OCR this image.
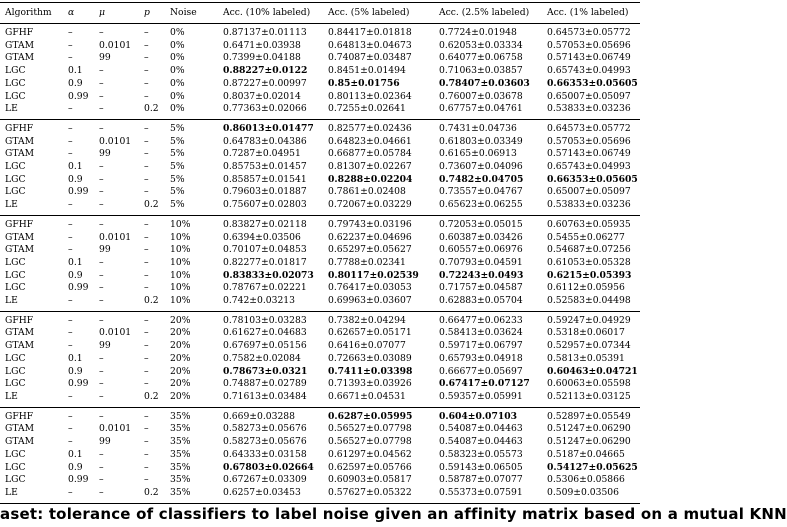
Algorithm	α	μ	p	Noise	Acc. (10% labeled)	Acc. (5% labeled)	Acc. (2.5% labeled)	Acc. (1% labeled)
GFHF	–	–	–	0%	0.87137±0.01113	0.84417±0.01818	0.7724±0.01948	0.64573±0.05772
GTAM	–	0.0101	–	0%	0.6471±0.03938	0.64813±0.04673	0.62053±0.03334	0.57053±0.05696
GTAM	–	99	–	0%	0.7399±0.04188	0.74087±0.03487	0.64077±0.06758	0.57143±0.06749
LGC	0.1	–	–	0%	0.88227±0.0122	0.8451±0.01494	0.71063±0.03857	0.65743±0.04993
LGC	0.9	–	–	0%	0.87227±0.00997	0.85±0.01756	0.78407±0.03603	0.66353±0.05605
LGC	0.99	–	–	0%	0.8037±0.02014	0.80113±0.02364	0.76007±0.03678	0.65007±0.05097
LE	–	–	0.2	0%	0.77363±0.02066	0.7255±0.02641	0.67757±0.04761	0.53833±0.03236
GFHF	–	–	–	5%	0.86013±0.01477	0.82577±0.02436	0.7431±0.04736	0.64573±0.05772
GTAM	–	0.0101	–	5%	0.64783±0.04386	0.64823±0.04661	0.61803±0.03349	0.57053±0.05696
GTAM	–	99	–	5%	0.7287±0.04951	0.66877±0.05784	0.6165±0.06913	0.57143±0.06749
LGC	0.1	–	–	5%	0.85753±0.01457	0.81307±0.02267	0.73607±0.04096	0.65743±0.04993
LGC	0.9	–	–	5%	0.85857±0.01541	0.8288±0.02204	0.7482±0.04705	0.66353±0.05605
LGC	0.99	–	–	5%	0.79603±0.01887	0.7861±0.02408	0.73557±0.04767	0.65007±0.05097
LE	–	–	0.2	5%	0.75607±0.02803	0.72067±0.03229	0.65623±0.06255	0.53833±0.03236
GFHF	–	–	–	10%	0.83827±0.02118	0.79743±0.03196	0.72053±0.05015	0.60763±0.05935
GTAM	–	0.0101	–	10%	0.6394±0.03506	0.62237±0.04696	0.60387±0.03426	0.5455±0.06277
GTAM	–	99	–	10%	0.70107±0.04853	0.65297±0.05627	0.60557±0.06976	0.54687±0.07256
LGC	0.1	–	–	10%	0.82277±0.01817	0.7788±0.02341	0.70793±0.04591	0.61053±0.05328
LGC	0.9	–	–	10%	0.83833±0.02073	0.80117±0.02539	0.72243±0.0493	0.6215±0.05393
LGC	0.99	–	–	10%	0.78767±0.02221	0.76417±0.03053	0.71757±0.04587	0.6112±0.05956
LE	–	–	0.2	10%	0.742±0.03213	0.69963±0.03607	0.62883±0.05704	0.52583±0.04498
GFHF	–	–	–	20%	0.78103±0.03283	0.7382±0.04294	0.66477±0.06233	0.59247±0.04929
GTAM	–	0.0101	–	20%	0.61627±0.04683	0.62657±0.05171	0.58413±0.03624	0.5318±0.06017
GTAM	–	99	–	20%	0.67697±0.05156	0.6416±0.07077	0.59717±0.06797	0.52957±0.07344
LGC	0.1	–	–	20%	0.7582±0.02084	0.72663±0.03089	0.65793±0.04918	0.5813±0.05391
LGC	0.9	–	–	20%	0.78673±0.0321	0.7411±0.03398	0.66677±0.05697	0.60463±0.04721
LGC	0.99	–	–	20%	0.74887±0.02789	0.71393±0.03926	0.67417±0.07127	0.60063±0.05598
LE	–	–	0.2	20%	0.71613±0.03484	0.6671±0.04531	0.59357±0.05991	0.52113±0.03125
GFHF	–	–	–	35%	0.669±0.03288	0.6287±0.05995	0.604±0.07103	0.52897±0.05549
GTAM	–	0.0101	–	35%	0.58273±0.05676	0.56527±0.07798	0.54087±0.04463	0.51247±0.06290
GTAM	–	99	–	35%	0.58273±0.05676	0.56527±0.07798	0.54087±0.04463	0.51247±0.06290
LGC	0.1	–	–	35%	0.64333±0.03158	0.61297±0.04562	0.58323±0.05573	0.5187±0.04665
LGC	0.9	–	–	35%	0.67803±0.02664	0.62597±0.05766	0.59143±0.06505	0.54127±0.05625
LGC	0.99	–	–	35%	0.67267±0.03309	0.60903±0.05817	0.58787±0.07077	0.5306±0.05866
LE	–	–	0.2	35%	0.6257±0.03453	0.57627±0.05322	0.55373±0.07591	0.509±0.03506
aset: tolerance of classifiers to label noise given an affinity matrix based on a mutual KNN
